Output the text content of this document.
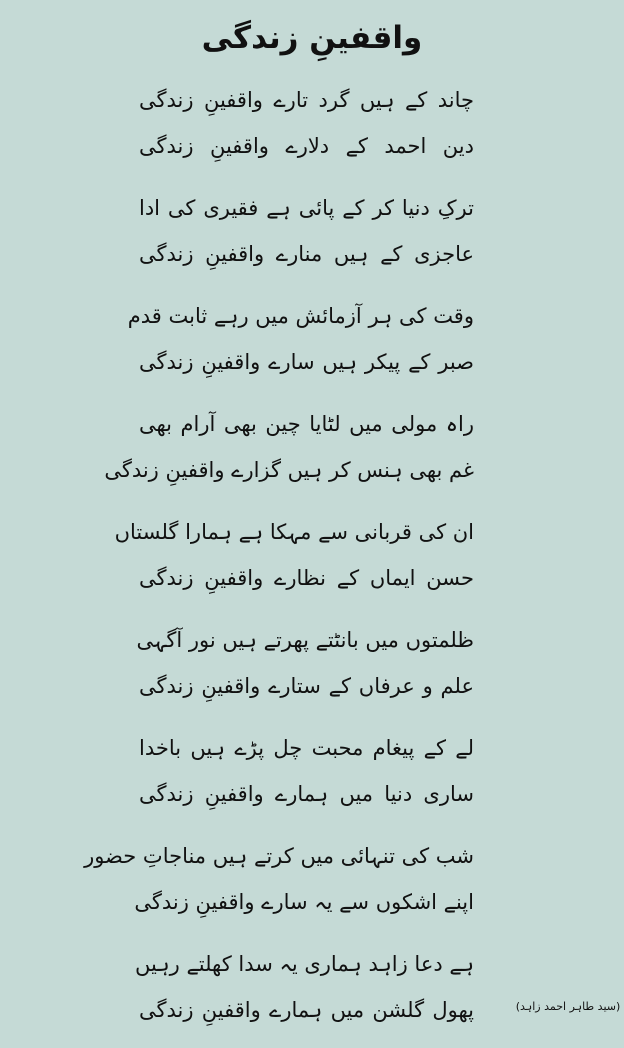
واقفینِ زندگی
چاند کے ہیں گرد تارے واقفینِ زندگی
دین احمد کے دلارے واقفینِ زندگی
ترکِ دنیا کر کے پائی ہے فقیری کی ادا
عاجزی کے ہیں منارے واقفینِ زندگی
وقت کی ہر آزمائش میں رہے ثابت قدم
صبر کے پیکر ہیں سارے واقفینِ زندگی
راہ مولی میں لٹایا چین بھی آرام بھی
غم بھی ہنس کر ہیں گزارے واقفینِ زندگی
ان کی قربانی سے مہکا ہے ہمارا گلستاں
حسن ایماں کے نظارے واقفینِ زندگی
ظلمتوں میں بانٹتے پھرتے ہیں نور آگہی
علم و عرفاں کے ستارے واقفینِ زندگی
لے کے پیغام محبت چل پڑے ہیں باخدا
ساری دنیا میں ہمارے واقفینِ زندگی
شب کی تنہائی میں کرتے ہیں مناجاتِ حضور
اپنے اشکوں سے یہ سارے واقفینِ زندگی
ہے دعا زاہد ہماری یہ سدا کھلتے رہیں
پھول گلشن میں ہمارے واقفینِ زندگی	(سید طاہر احمد زاہد)
